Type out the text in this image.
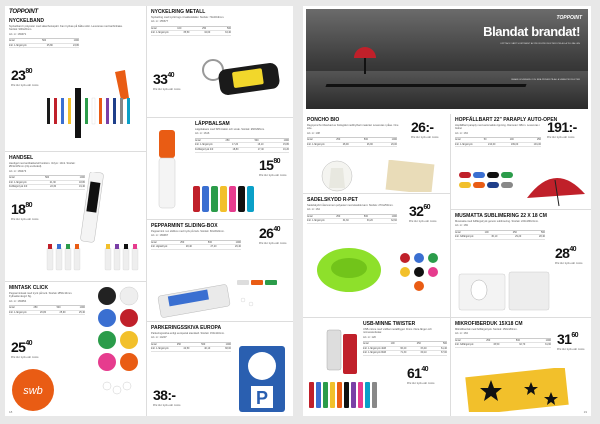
TOPPOINT
NYCKELBAND
Nyckelband i polyester med säkerhetsspärr. Kan tryckas på båda sidor. Levereras med karbinhake. Storlek: 900x20mm.
Art. nr: 169971
Antal	500	1000
Inkl. 1-färgstryck	25,80	23,80
$23^{80}$
Pris inkl. tryck exkl. moms
HANDSEL
Handgel med antibakteriell funktion. Volym: 10ml. Storlek: Ø19x105mm (clip excluded).
Art. nr: 169473
Antal	500	1000
Inkl. 1-färgstryck	21,30	18,80
Fullfärgstryck 4/0	22,30	19,40
$18^{80}$
Pris inkl. tryck exkl. moms
MINTASK CLICK
Pepparmintask med tryck på lock. Storlek: Ø50x10mm. Fyllnadsmängd: 8g.
Art. nr: 169954
Antal	250	500	1000
Inkl. 1-färgstryck	26,80	25,90	25,40
$25^{40}$
Pris inkl. tryck exkl. moms
swb
NYCKELRING METALL
Nyckelring med tryckt logo i kvalitetsläder. Storlek: 70x40x9mm.
Art. nr: 155677
Antal	100	250	500
Inkl. 1-färgstryck	35,50	34,60	33,40
$33^{40}$
Pris inkl. tryck exkl. moms
LÄPPBALSAM
Läppbalsam med SPF-faktor och smak. Storlek: Ø18x68mm.
Art. nr: 1616
Antal	250	500	1000
Inkl. 1-färgstryck	17,20	16,10	15,80
Fullfärgstryck 4/0	18,80	17,40	16,20
$15^{80}$
Pris inkl. tryck exkl. moms
PEPPARMINT SLIDING-BOX
Pepparmint i en slidbox med tryck på lock. Storlek: 60x30x9mm.
Art. nr: 169967
Antal	250	500	1000
Inkl. digitaltryck	28,40	27,20	26,40
$26^{40}$
Pris inkl. tryck exkl. moms
PARKERINGSSKIVA EUROPA
Parkeringsskiva enligt europeisk standard. Storlek: 150x110mm.
Art. nr: 14207
Antal	250	500	1000
Inkl. 1-färgstryck	42,50	40,10	38,00
38:-
Pris inkl. tryck exkl. moms	P
18
TOPPOINT
Blandat brandat!
UPPTÄCK VÅRT SORTIMENT AV PROFILPRODUKTER FÖR ALLA TILLFÄLLEN
SNABB LEVERANS OCH BRA PRISER PÅ ALLA VÅRA PRODUKTER
PONCHO BIO
Regnponcho tillverkad av biologiskt nedbrytbart material. Levereras i påse. One size.
Art. nr: 108
Antal	250	500	1000
Inkl. 1-färgstryck	28,90	26,90	26,00
26:-
Pris inkl. tryck exkl. moms
SADELSKYDD R-PET
Sadelskydd i återvunnen polyester med elastisk kant. Storlek: 270x250mm.
Art. nr: 164
Antal	250	500	1000
Inkl. 1-färgstryck	34,30	33,20	32,60
$32^{60}$
Pris inkl. tryck exkl. moms
USB-MINNE TWISTER
USB-minne med vridbar metallbygel. Finns i flera färger och minnesstorlekar.
Art. nr: 120
Antal	100	250	500
Inkl. 1-färgstryck 4GB	66,20	63,40	61,40
Inkl. 1-färgstryck 8GB	71,30	69,10	67,00
$61^{40}$
Pris inkl. tryck exkl. moms
HOPFÄLLBART 22" PARAPLY AUTO-OPEN
Hopfällbart paraply med automatisk öppning. Diameter: 98cm. Levereras i fodral.
Art. nr: 163
Antal	50	100	250
Inkl. 1-färgstryck	210,00	199,00	191,00
191:-
Pris inkl. tryck exkl. moms
MUSMATTA SUBLIMERING 22 X 18 CM
Musmatta med fullfärgstryck genom sublimering. Storlek: 220x180x3mm.
Art. nr: 169
Antal	100	250	500
Inkl. fullfärgstryck	30,10	29,20	28,40
$28^{40}$
Pris inkl. tryck exkl. moms
MIKROFIBERDUK 15X18 CM
Mikrofiberduk med fullfärgstryck. Storlek: 150x180mm.
Art. nr: 163
Antal	250	500	1000
Inkl. fullfärgstryck	33,50	32,70	31,60 $31^{60}$
Pris inkl. tryck exkl. moms
19
